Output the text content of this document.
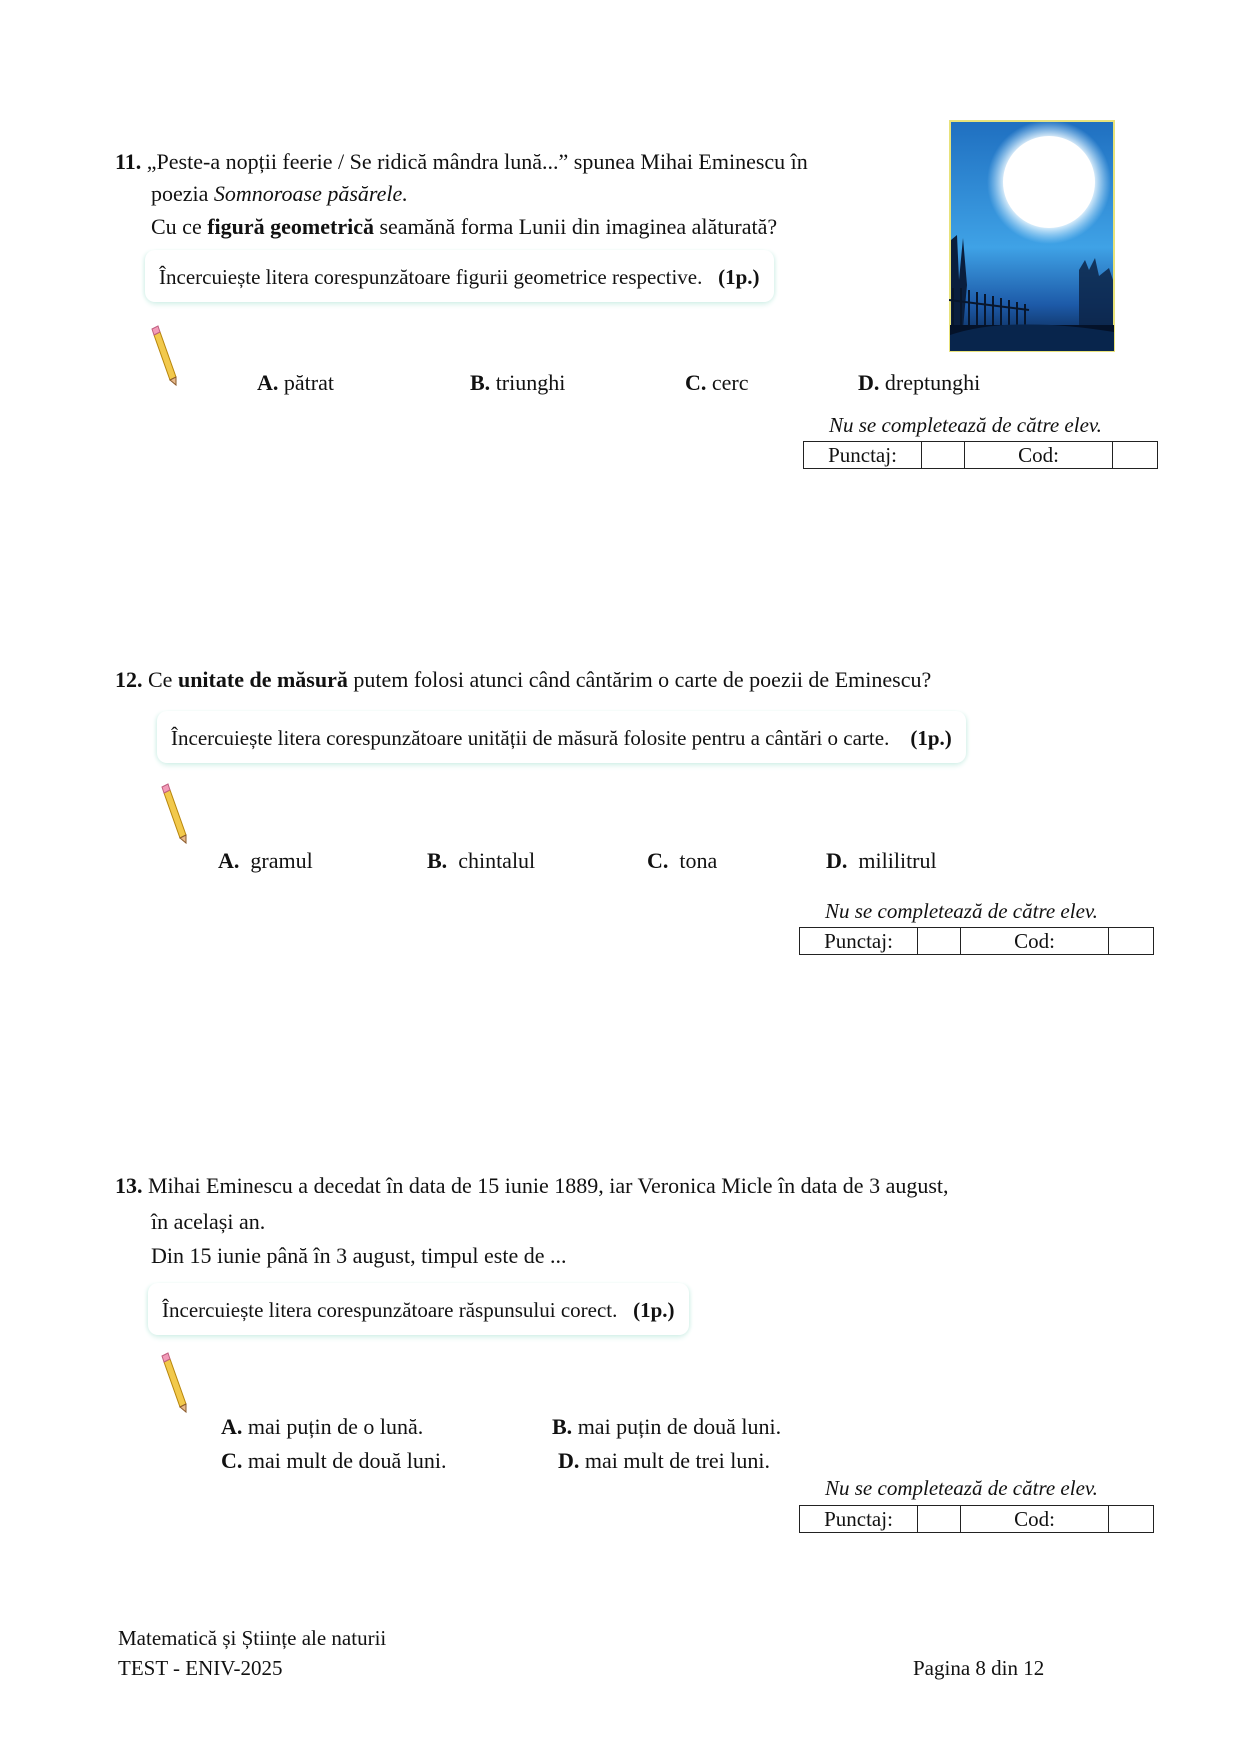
11. „Peste-a nopții feerie / Se ridică mândra lună...” spunea Mihai Eminescu în
poezia Somnoroase păsărele.
Cu ce figură geometrică seamănă forma Lunii din imaginea alăturată?
Încercuiește litera corespunzătoare figurii geometrice respective. (1p.)
A. pătrat	B. triunghi	C. cerc	D. dreptunghi
Nu se completează de către elev.
Punctaj:		Cod:	
12. Ce unitate de măsură putem folosi atunci când cântărim o carte de poezii de Eminescu?
Încercuiește litera corespunzătoare unității de măsură folosite pentru a cântări o carte. (1p.)
A. gramul	B. chintalul	C. tona	D. mililitrul
Nu se completează de către elev.
Punctaj:		Cod:	
13. Mihai Eminescu a decedat în data de 15 iunie 1889, iar Veronica Micle în data de 3 august,
în același an.
Din 15 iunie până în 3 august, timpul este de ...
Încercuiește litera corespunzătoare răspunsului corect. (1p.)
A. mai puțin de o lună.	B. mai puțin de două luni.
C. mai mult de două luni.	D. mai mult de trei luni.
Nu se completează de către elev.
Punctaj:		Cod:	
Matematică și Științe ale naturii
TEST - ENIV-2025	Pagina 8 din 12
